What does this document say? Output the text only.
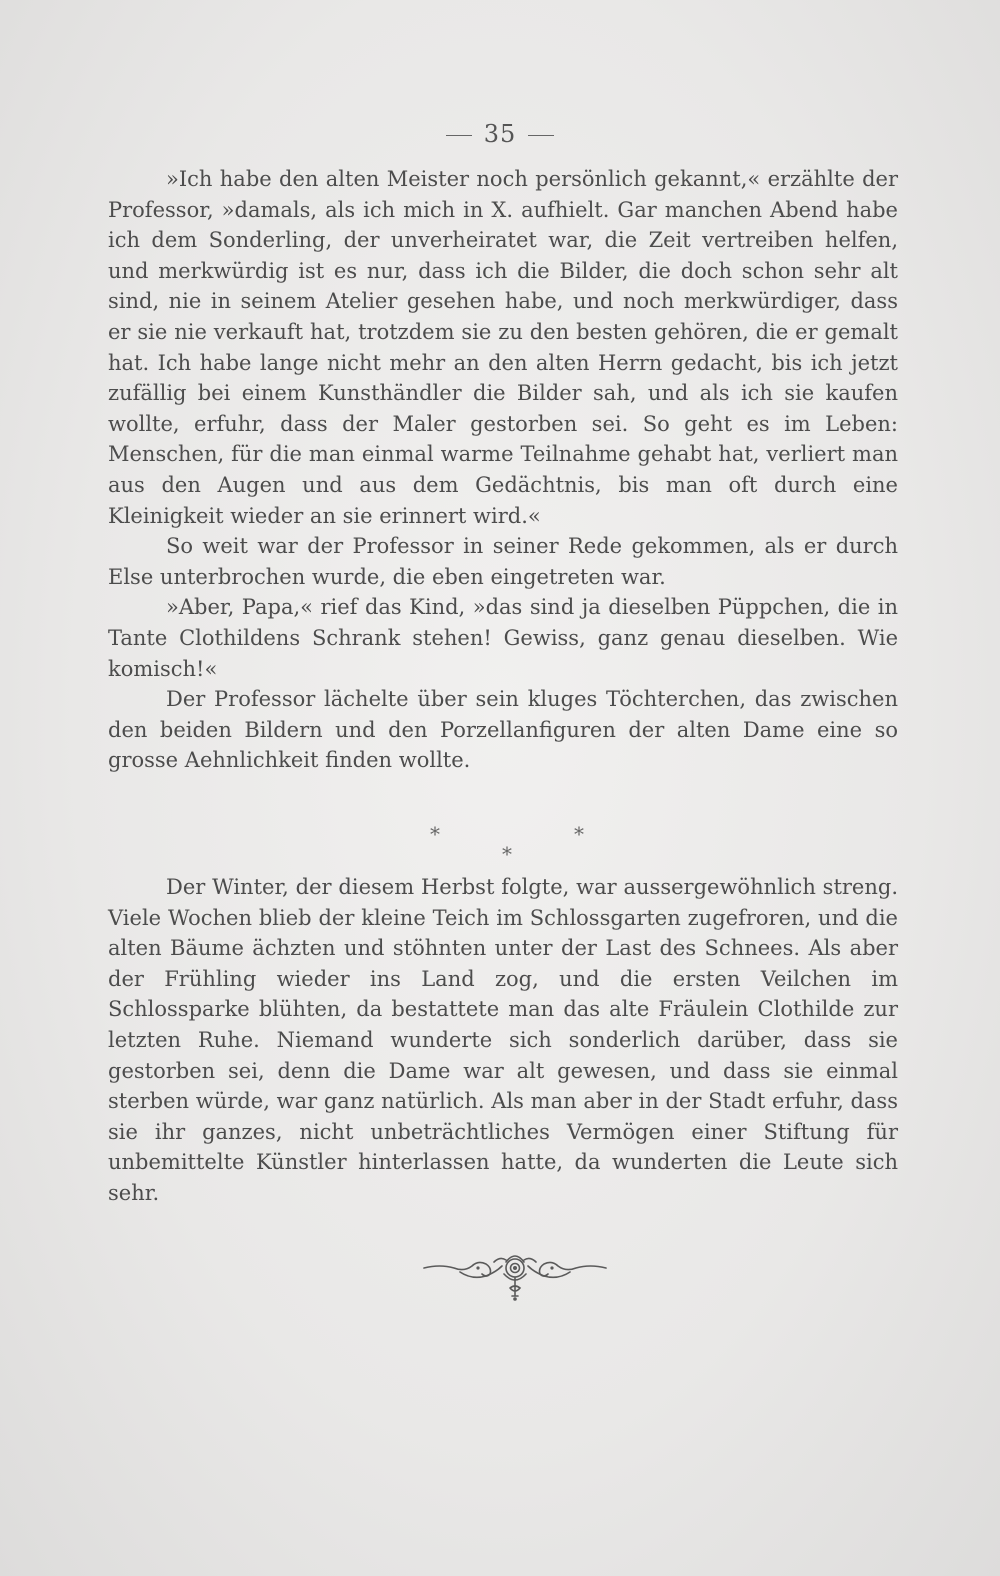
35

»Ich habe den alten Meister noch persönlich gekannt,« erzählte der Professor, »damals, als ich mich in X. aufhielt. Gar manchen Abend habe ich dem Sonderling, der unverheiratet war, die Zeit vertreiben helfen, und merkwürdig ist es nur, dass ich die Bilder, die doch schon sehr alt sind, nie in seinem Atelier gesehen habe, und noch merkwürdiger, dass er sie nie verkauft hat, trotzdem sie zu den besten gehören, die er gemalt hat. Ich habe lange nicht mehr an den alten Herrn gedacht, bis ich jetzt zufällig bei einem Kunsthändler die Bilder sah, und als ich sie kaufen wollte, erfuhr, dass der Maler gestorben sei. So geht es im Leben: Menschen, für die man einmal warme Teilnahme gehabt hat, verliert man aus den Augen und aus dem Gedächtnis, bis man oft durch eine Kleinigkeit wieder an sie erinnert wird.«

So weit war der Professor in seiner Rede gekommen, als er durch Else unterbrochen wurde, die eben eingetreten war.

»Aber, Papa,« rief das Kind, »das sind ja dieselben Püppchen, die in Tante Clothildens Schrank stehen! Gewiss, ganz genau dieselben. Wie komisch!«

Der Professor lächelte über sein kluges Töchterchen, das zwischen den beiden Bildern und den Porzellanfiguren der alten Dame eine so grosse Aehnlichkeit finden wollte.

*	*
*

Der Winter, der diesem Herbst folgte, war aussergewöhnlich streng. Viele Wochen blieb der kleine Teich im Schlossgarten zugefroren, und die alten Bäume ächzten und stöhnten unter der Last des Schnees. Als aber der Frühling wieder ins Land zog, und die ersten Veilchen im Schlossparke blühten, da bestattete man das alte Fräulein Clothilde zur letzten Ruhe. Niemand wunderte sich sonderlich darüber, dass sie gestorben sei, denn die Dame war alt gewesen, und dass sie einmal sterben würde, war ganz natürlich. Als man aber in der Stadt erfuhr, dass sie ihr ganzes, nicht unbeträchtliches Vermögen einer Stiftung für unbemittelte Künstler hinterlassen hatte, da wunderten die Leute sich sehr.
